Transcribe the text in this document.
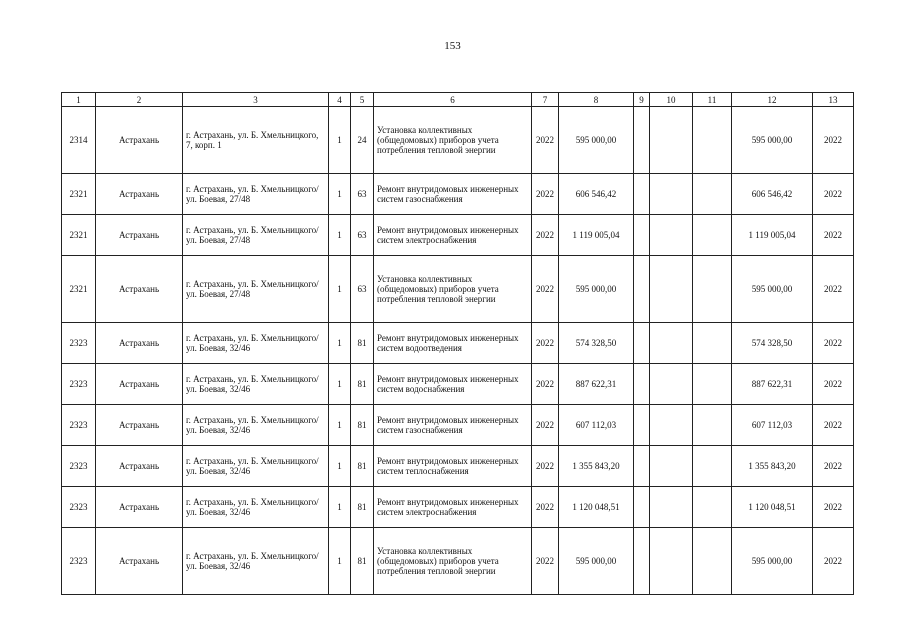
153
1	2	3	4	5	6	7	8	9	10	11	12	13
2314	Астрахань	г. Астрахань, ул. Б. Хмельницкого, 7, корп. 1	1	24	Установка коллективных (общедомовых) приборов учета потребления тепловой энергии	2022	595 000,00				595 000,00	2022
2321	Астрахань	г. Астрахань, ул. Б. Хмельницкого/ ул. Боевая, 27/48	1	63	Ремонт внутридомовых инженерных систем газоснабжения	2022	606 546,42				606 546,42	2022
2321	Астрахань	г. Астрахань, ул. Б. Хмельницкого/ ул. Боевая, 27/48	1	63	Ремонт внутридомовых инженерных систем электроснабжения	2022	1 119 005,04				1 119 005,04	2022
2321	Астрахань	г. Астрахань, ул. Б. Хмельницкого/ ул. Боевая, 27/48	1	63	Установка коллективных (общедомовых) приборов учета потребления тепловой энергии	2022	595 000,00				595 000,00	2022
2323	Астрахань	г. Астрахань, ул. Б. Хмельницкого/ ул. Боевая, 32/46	1	81	Ремонт внутридомовых инженерных систем водоотведения	2022	574 328,50				574 328,50	2022
2323	Астрахань	г. Астрахань, ул. Б. Хмельницкого/ ул. Боевая, 32/46	1	81	Ремонт внутридомовых инженерных систем водоснабжения	2022	887 622,31				887 622,31	2022
2323	Астрахань	г. Астрахань, ул. Б. Хмельницкого/ ул. Боевая, 32/46	1	81	Ремонт внутридомовых инженерных систем газоснабжения	2022	607 112,03				607 112,03	2022
2323	Астрахань	г. Астрахань, ул. Б. Хмельницкого/ ул. Боевая, 32/46	1	81	Ремонт внутридомовых инженерных систем теплоснабжения	2022	1 355 843,20				1 355 843,20	2022
2323	Астрахань	г. Астрахань, ул. Б. Хмельницкого/ ул. Боевая, 32/46	1	81	Ремонт внутридомовых инженерных систем электроснабжения	2022	1 120 048,51				1 120 048,51	2022
2323	Астрахань	г. Астрахань, ул. Б. Хмельницкого/ ул. Боевая, 32/46	1	81	Установка коллективных (общедомовых) приборов учета потребления тепловой энергии	2022	595 000,00				595 000,00	2022
